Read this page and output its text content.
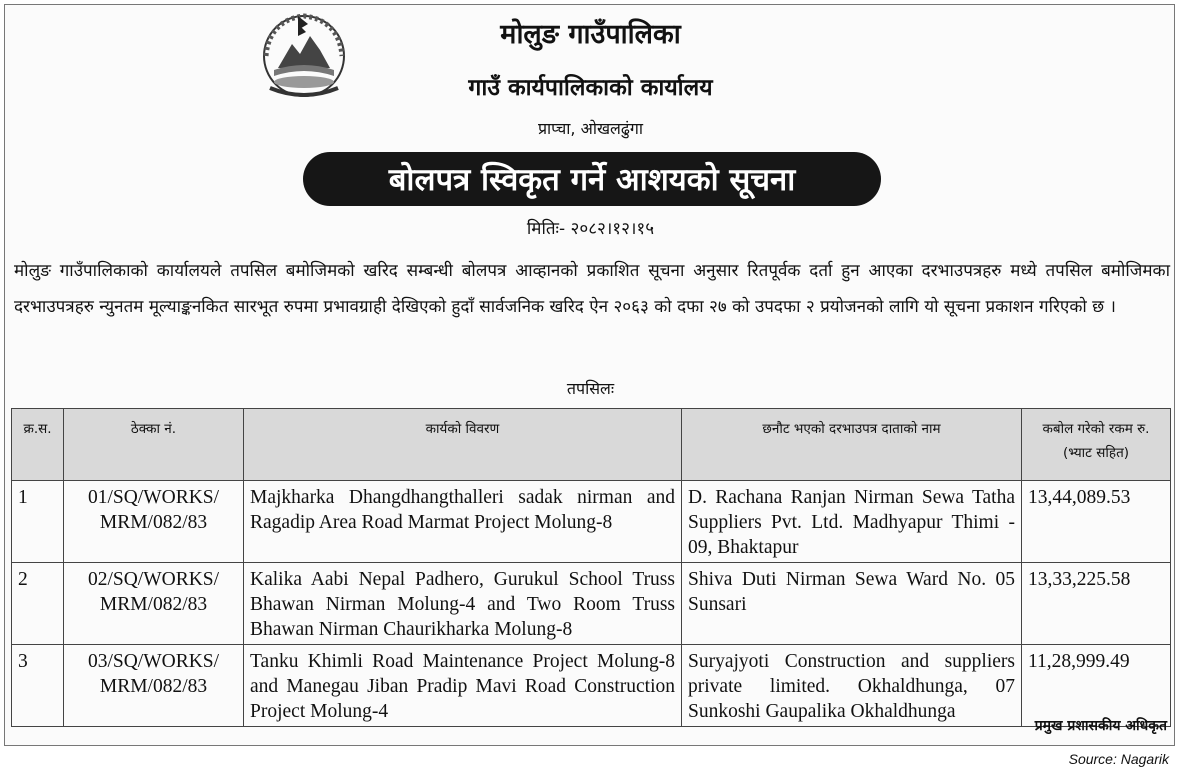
मोलुङ गाउँपालिका
गाउँ कार्यपालिकाको कार्यालय
प्राप्चा, ओखलढुंगा
बोलपत्र स्विकृत गर्ने आशयको सूचना
मितिः- २०८२।१२।१५
मोलुङ गाउँपालिकाको कार्यालयले तपसिल बमोजिमको खरिद सम्बन्धी बोलपत्र आव्हानको प्रकाशित सूचना अनुसार रितपूर्वक दर्ता हुन आएका दरभाउपत्रहरु मध्ये तपसिल बमोजिमका दरभाउपत्रहरु न्युनतम मूल्याङ्कनकित सारभूत रुपमा प्रभावग्राही देखिएको हुदाँ सार्वजनिक खरिद ऐन २०६३ को दफा २७ को उपदफा २ प्रयोजनको लागि यो सूचना प्रकाशन गरिएको छ ।
तपसिलः
क्र.स.	ठेक्का नं.	कार्यको विवरण	छनौट भएको दरभाउपत्र दाताको नाम	कबोल गरेको रकम रु.
(भ्याट सहित)

1	01/SQ/WORKS/
MRM/082/83	Majkharka Dhangdhangthalleri sadak nirman and Ragadip Area Road Marmat Project Molung-8	D. Rachana Ranjan Nirman Sewa Tatha Suppliers Pvt. Ltd. Madhyapur Thimi - 09, Bhaktapur	13,44,089.53
2	02/SQ/WORKS/
MRM/082/83	Kalika Aabi Nepal Padhero, Gurukul School Truss Bhawan Nirman Molung-4 and Two Room Truss Bhawan Nirman Chaurikharka Molung-8	Shiva Duti Nirman Sewa Ward No. 05 Sunsari	13,33,225.58
3	03/SQ/WORKS/
MRM/082/83	Tanku Khimli Road Maintenance Project Molung-8 and Manegau Jiban Pradip Mavi Road Construction Project Molung-4	Suryajyoti Construction and suppliers private limited. Okhaldhunga, 07 Sunkoshi Gaupalika Okhaldhunga	11,28,999.49
प्रमुख प्रशासकीय अधिकृत
Source: Nagarik
